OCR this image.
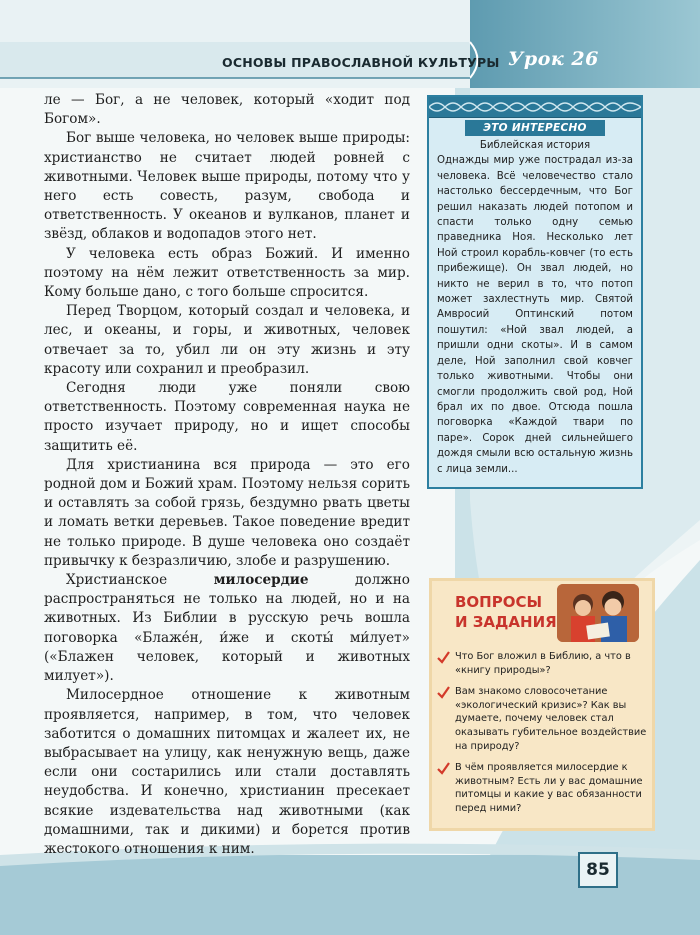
ОСНОВЫ ПРАВОСЛАВНОЙ КУЛЬТУРЫ Урок 26

ле — Бог, а не человек, который «ходит под Богом».

Бог выше человека, но человек выше природы: христианство не считает людей ровней с животными. Человек выше природы, потому что у него есть совесть, разум, свобода и ответственность. У океанов и вулканов, планет и звёзд, облаков и водопадов этого нет.

У человека есть образ Божий. И именно поэтому на нём лежит ответственность за мир. Кому больше дано, с того больше спросится.

Перед Творцом, который создал и человека, и лес, и океаны, и горы, и животных, человек отвечает за то, убил ли он эту жизнь и эту красоту или сохранил и преобразил.

Сегодня люди уже поняли свою ответственность. Поэтому современная наука не просто изучает природу, но и ищет способы защитить её.

Для христианина вся природа — это его родной дом и Божий храм. Поэтому нельзя сорить и оставлять за собой грязь, бездумно рвать цветы и ломать ветки деревьев. Такое поведение вредит не только природе. В душе человека оно создаёт привычку к безразличию, злобе и разрушению.

Христианское милосердие должно распространяться не только на людей, но и на животных. Из Библии в русскую речь вошла поговорка «Блажéн, и́же и скоты́ ми́лует» («Блажен человек, который и животных милует»).

Милосердное отношение к животным проявляется, например, в том, что человек заботится о домашних питомцах и жалеет их, не выбрасывает на улицу, как ненужную вещь, даже если они состарились или стали доставлять неудобства. И конечно, христианин пресекает всякие издевательства над животными (как домашними, так и дикими) и борется против жестокого отношения к ним.

ЭТО ИНТЕРЕСНО
Библейская история
Однажды мир уже пострадал из-за человека. Всё человечество стало настолько бессердечным, что Бог решил наказать людей потопом и спасти только одну семью праведника Ноя. Несколько лет Ной строил корабль-ковчег (то есть прибежище). Он звал людей, но никто не верил в то, что потоп может захлестнуть мир. Святой Амвросий Оптинский потом пошутил: «Ной звал людей, а пришли одни скоты». И в самом деле, Ной заполнил свой ковчег только животными. Чтобы они смогли продолжить свой род, Ной брал их по двое. Отсюда пошла поговорка «Каждой твари по паре». Сорок дней сильнейшего дождя смыли всю остальную жизнь с лица земли...
ВОПРОСЫ
И ЗАДАНИЯ
Что Бог вложил в Библию, а что в «книгу природы»?
Вам знакомо словосочетание «экологический кризис»? Как вы думаете, почему человек стал оказывать губительное воздействие на природу?
В чём проявляется милосердие к животным? Есть ли у вас домашние питомцы и какие у вас обязанности перед ними?
85
